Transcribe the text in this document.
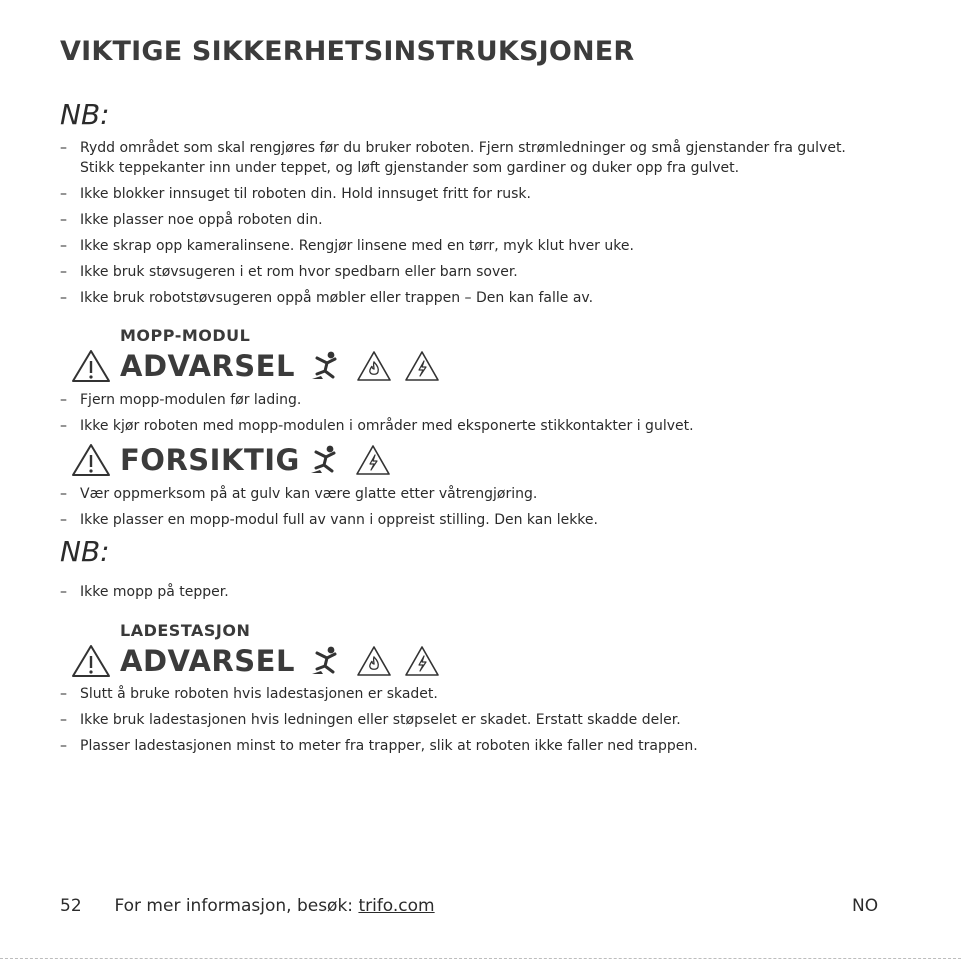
VIKTIGE SIKKERHETSINSTRUKSJONER
NB:
– Rydd området som skal rengjøres før du bruker roboten. Fjern strømledninger og små gjenstander fra gulvet.
Stikk teppekanter inn under teppet, og løft gjenstander som gardiner og duker opp fra gulvet.
– Ikke blokker innsuget til roboten din. Hold innsuget fritt for rusk.
– Ikke plasser noe oppå roboten din.
– Ikke skrap opp kameralinsene. Rengjør linsene med en tørr, myk klut hver uke.
– Ikke bruk støvsugeren i et rom hvor spedbarn eller barn sover.
– Ikke bruk robotstøvsugeren oppå møbler eller trappen – Den kan falle av.
MOPP-MODUL
ADVARSEL
– Fjern mopp-modulen før lading.
– Ikke kjør roboten med mopp-modulen i områder med eksponerte stikkontakter i gulvet.
FORSIKTIG
– Vær oppmerksom på at gulv kan være glatte etter våtrengjøring.
– Ikke plasser en mopp-modul full av vann i oppreist stilling. Den kan lekke.
NB:
– Ikke mopp på tepper.
LADESTASJON
ADVARSEL
– Slutt å bruke roboten hvis ladestasjonen er skadet.
– Ikke bruk ladestasjonen hvis ledningen eller støpselet er skadet. Erstatt skadde deler.
– Plasser ladestasjonen minst to meter fra trapper, slik at roboten ikke faller ned trappen.
52 For mer informasjon, besøk: trifo.com	NO
